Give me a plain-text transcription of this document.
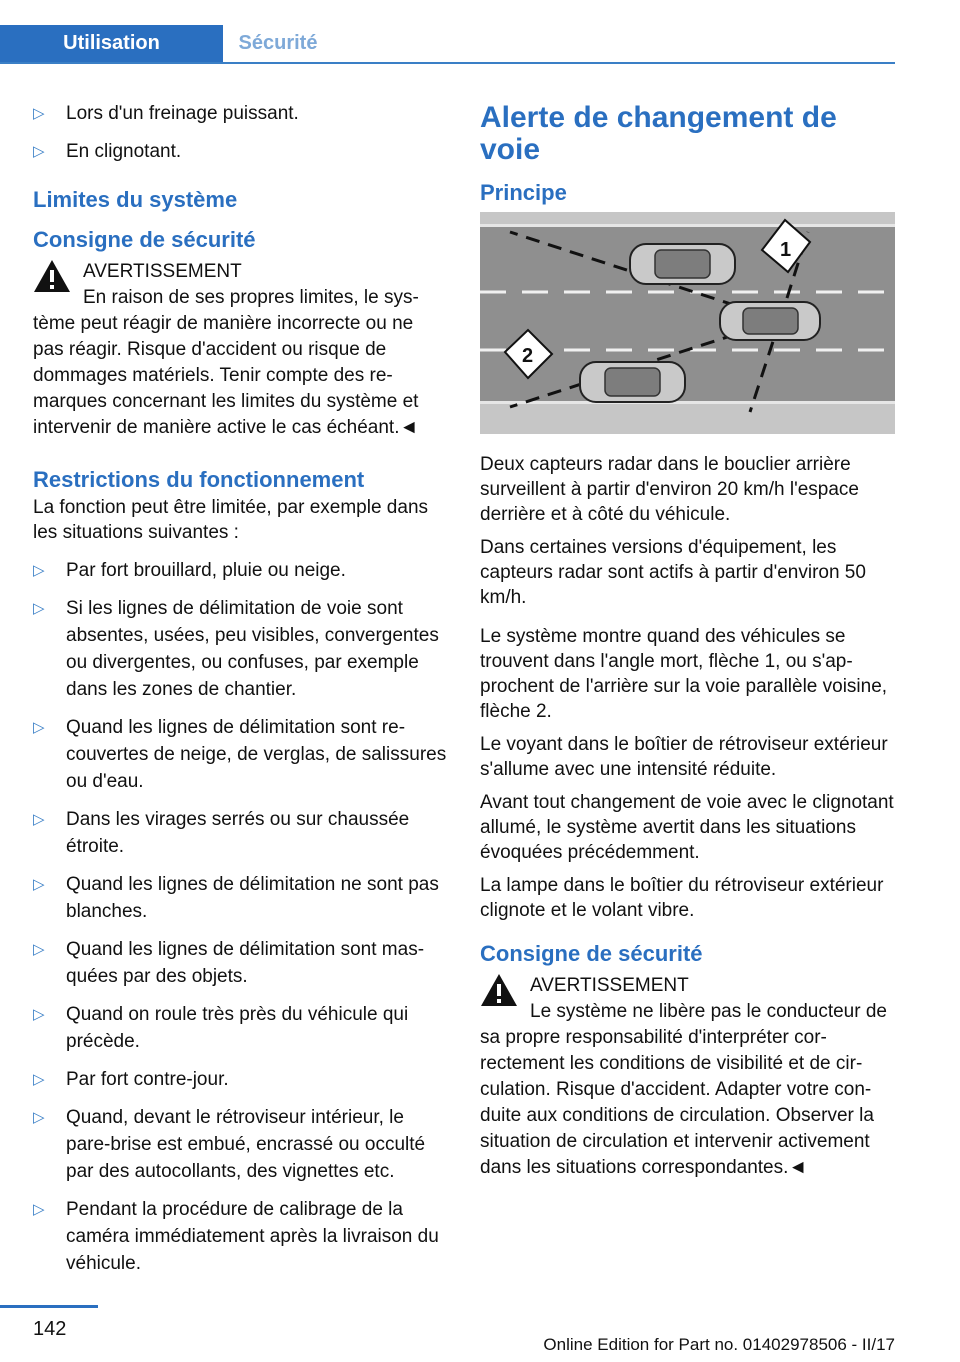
Utilisation	Sécurité
▷ Lors d'un freinage puissant.
▷ En clignotant.
Limites du système
Consigne de sécurité
AVERTISSEMENT
En raison de ses propres limites, le système peut réagir de manière incorrecte ou ne pas réagir. Risque d'accident ou risque de dommages matériels. Tenir compte des remarques concernant les limites du système et intervenir de manière active le cas échéant.◄
Restrictions du fonctionnement
La fonction peut être limitée, par exemple dans les situations suivantes :
▷ Par fort brouillard, pluie ou neige.
▷ Si les lignes de délimitation de voie sont absentes, usées, peu visibles, convergentes ou divergentes, ou confuses, par exemple dans les zones de chantier.
▷ Quand les lignes de délimitation sont recouvertes de neige, de verglas, de salissures ou d'eau.
▷ Dans les virages serrés ou sur chaussée étroite.
▷ Quand les lignes de délimitation ne sont pas blanches.
▷ Quand les lignes de délimitation sont masquées par des objets.
▷ Quand on roule très près du véhicule qui précède.
▷ Par fort contre-jour.
▷ Quand, devant le rétroviseur intérieur, le pare-brise est embué, encrassé ou occulté par des autocollants, des vignettes etc.
▷ Pendant la procédure de calibrage de la caméra immédiatement après la livraison du véhicule.
Alerte de changement de voie
Principe
1
2
Deux capteurs radar dans le bouclier arrière surveillent à partir d'environ 20 km/h l'espace derrière et à côté du véhicule.
Dans certaines versions d'équipement, les capteurs radar sont actifs à partir d'environ 50 km/h.
Le système montre quand des véhicules se trouvent dans l'angle mort, flèche 1, ou s'approchent de l'arrière sur la voie parallèle voisine, flèche 2.
Le voyant dans le boîtier de rétroviseur extérieur s'allume avec une intensité réduite.
Avant tout changement de voie avec le clignotant allumé, le système avertit dans les situations évoquées précédemment.
La lampe dans le boîtier du rétroviseur extérieur clignote et le volant vibre.
Consigne de sécurité
AVERTISSEMENT
Le système ne libère pas le conducteur de sa propre responsabilité d'interpréter correctement les conditions de visibilité et de circulation. Risque d'accident. Adapter votre conduite aux conditions de circulation. Observer la situation de circulation et intervenir activement dans les situations correspondantes.◄
142
Online Edition for Part no. 01402978506 - II/17
